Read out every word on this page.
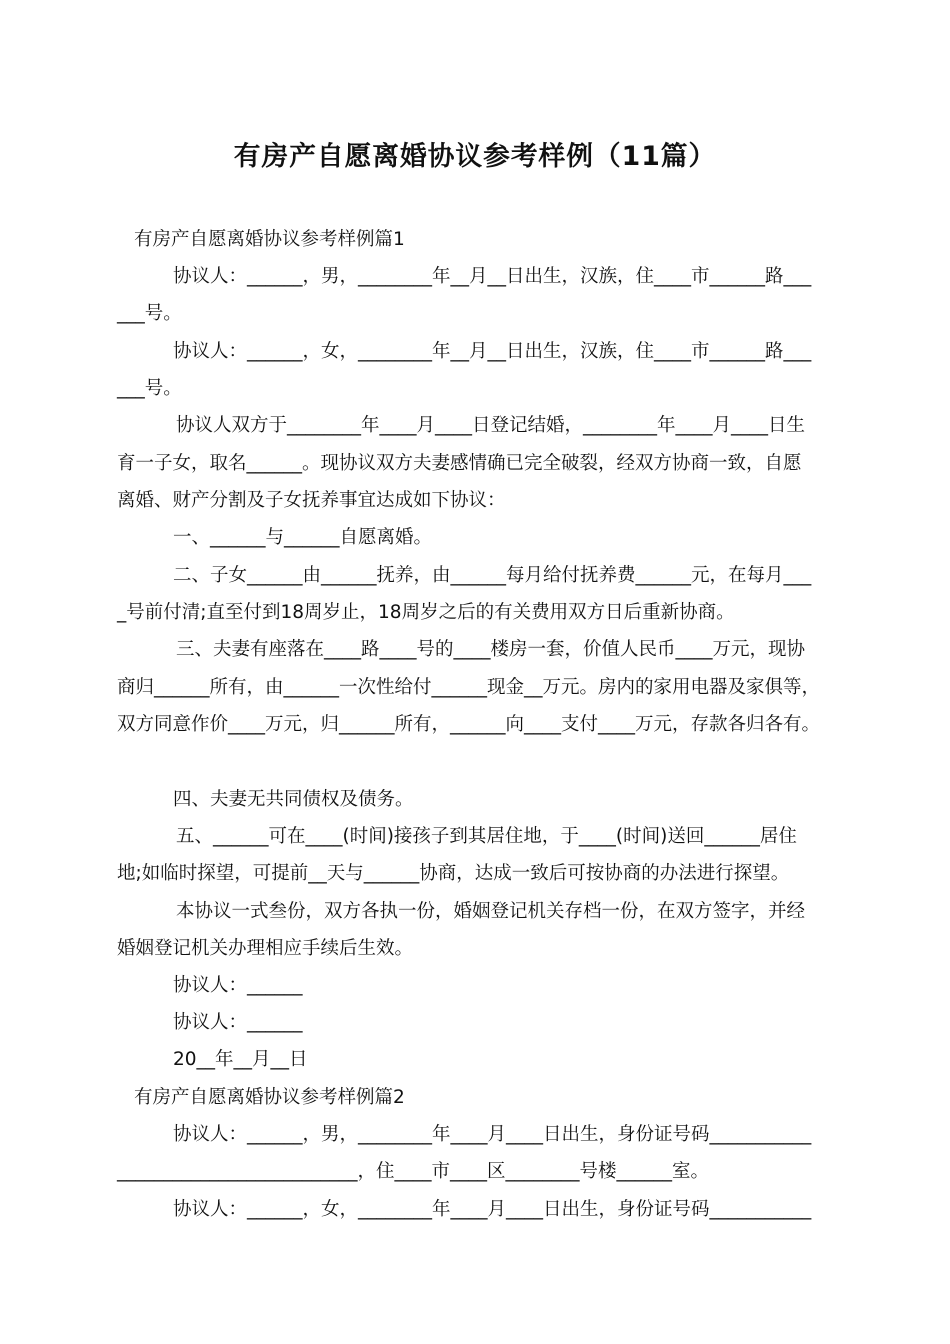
有房产自愿离婚协议参考样例（11篇）
有房产自愿离婚协议参考样例篇1
协议人：______，男，________年__月__日出生，汉族，住____市______路___
___号。
协议人：______，女，________年__月__日出生，汉族，住____市______路___
___号。
协议人双方于________年____月____日登记结婚，________年____月____日生
育一子女，取名______。现协议双方夫妻感情确已完全破裂，经双方协商一致，自愿
离婚、财产分割及子女抚养事宜达成如下协议：
一、______与______自愿离婚。
二、子女______由______抚养，由______每月给付抚养费______元，在每月___
_号前付清;直至付到18周岁止，18周岁之后的有关费用双方日后重新协商。
三、夫妻有座落在____路____号的____楼房一套，价值人民币____万元，现协
商归______所有，由______一次性给付______现金__万元。房内的家用电器及家俱等，
双方同意作价____万元，归______所有，______向____支付____万元，存款各归各有。
四、夫妻无共同债权及债务。
五、______可在____(时间)接孩子到其居住地，于____(时间)送回______居住
地;如临时探望，可提前__天与______协商，达成一致后可按协商的办法进行探望。
本协议一式叁份，双方各执一份，婚姻登记机关存档一份，在双方签字，并经
婚姻登记机关办理相应手续后生效。
协议人：______
协议人：______
20__年__月__日
有房产自愿离婚协议参考样例篇2
协议人：______，男，________年____月____日出生，身份证号码___________
__________________________，住____市____区________号楼______室。
协议人：______，女，________年____月____日出生，身份证号码___________
